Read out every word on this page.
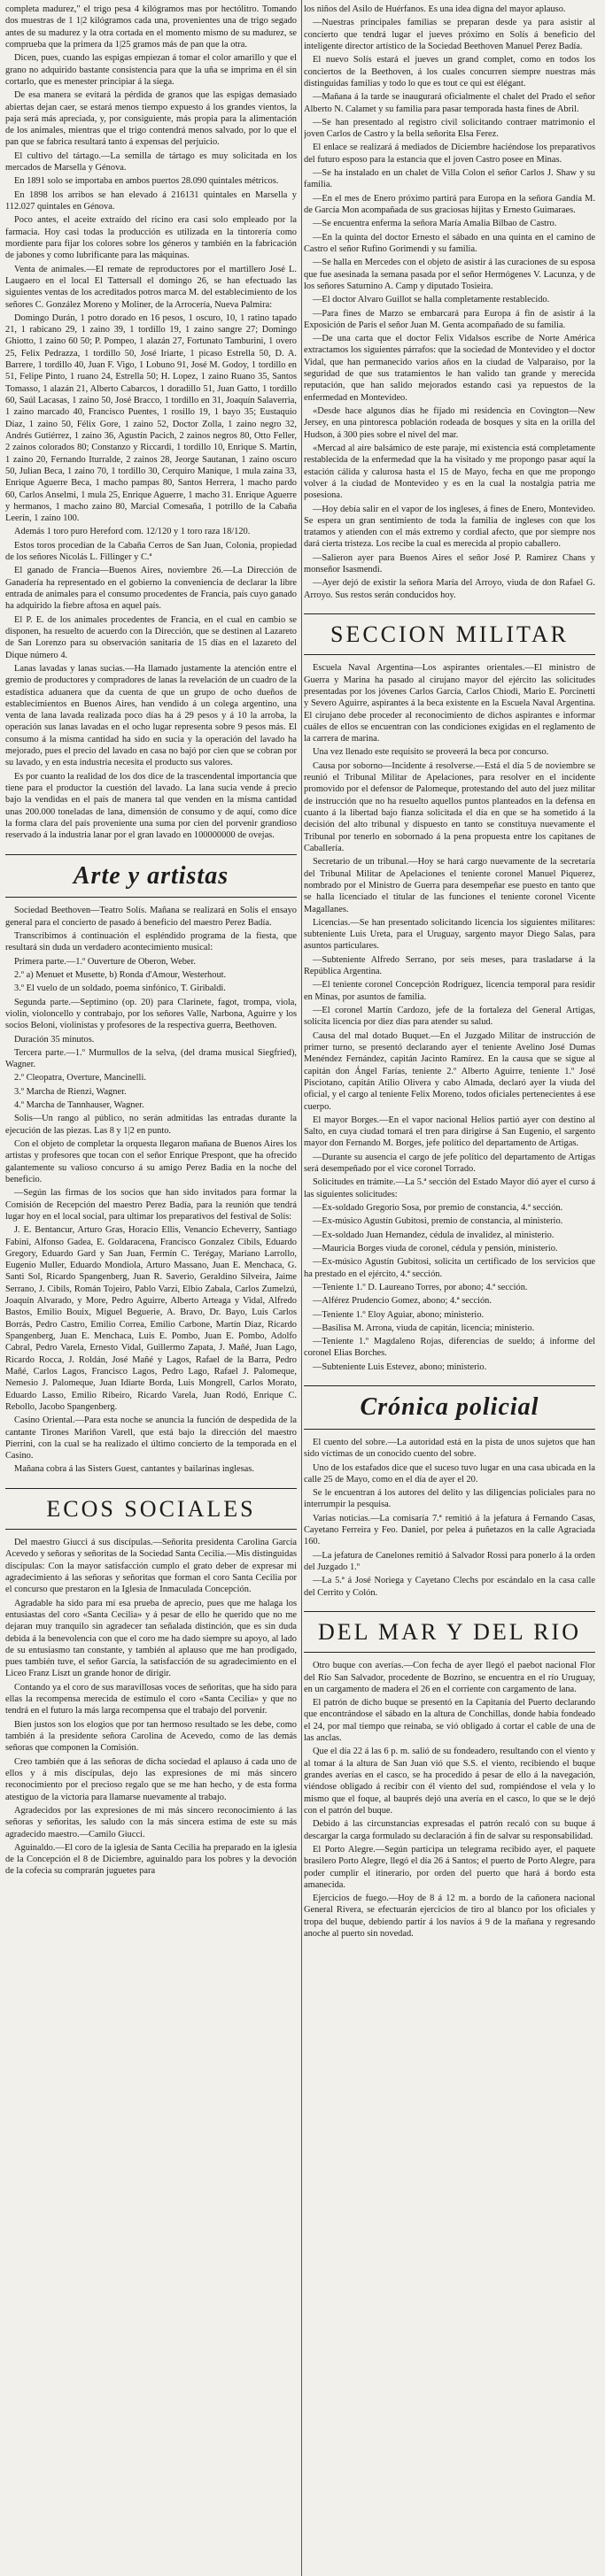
completa madurez," el trigo pesa 4 kilógramos mas por hectólitro. Tomando dos muestras de 1 1|2 kilógramos cada una, provenientes una de trigo segado antes de su madurez y la otra cortada en el momento mismo de su madurez, se comprueba que la primera da 1|25 gramos más de pan que la otra.

Dicen, pues, cuando las espigas empiezan á tomar el color amarillo y que el grano no adquirido bastante consistencia para que la uña se imprima en él sin cortarlo, que es menester principiar á la siega.

De esa manera se evitará la pérdida de granos que las espigas demasiado abiertas dejan caer, se estará menos tiempo expuesto á los grandes vientos, la paja será más apreciada, y, por consiguiente, más propia para la alimentación de los animales, mientras que el trigo contendrá menos salvado, por lo que el pan que se fabrica resultará tanto á expensas del perjuicio.

El cultivo del tártago.—La semilla de tártago es muy solicitada en los mercados de Marsella y Génova.

En 1891 solo se importaba en ambos puertos 28.090 quintales métricos.

En 1898 los arribos se han elevado á 216131 quintales en Marsella y 112.027 quintales en Génova.

Poco antes, el aceite extraído del ricino era casi solo empleado por la farmacia. Hoy casi todas la producción es utilizada en la tintorería como mordiente para fijar los colores sobre los géneros y también en la fabricación de jabones y como lubrificante para las máquinas.

Venta de animales.—El remate de reproductores por el martillero José L. Laugaero en el local El Tattersall el domingo 26, se han efectuado las siguientes ventas de los acreditados potros marca M. del establecimiento de los señores C. González Moreno y Moliner, de la Arrocería, Nueva Palmira:

Domingo Durán, 1 potro dorado en 16 pesos, 1 oscuro, 10, 1 ratino tapado 21, 1 rabicano 29, 1 zaino 39, 1 tordillo 19, 1 zaino sangre 27; Domingo Ghiotto, 1 zaino 60 50; P. Pompeo, 1 alazán 27, Fortunato Tamburini, 1 overo 25, Felix Pedrazza, 1 tordillo 50, José Iriarte, 1 picaso Estrella 50, D. A. Barrere, 1 tordillo 40, Juan F. Vigo, 1 Lobuno 91, José M. Godoy, 1 tordillo en 51, Felipe Pinto, 1 ruano 24, Estrella 50; H. Lopez, 1 zaino Ruano 35, Santos Tomasso, 1 alazán 21, Alberto Cabarcos, 1 doradillo 51, Juan Gatto, 1 tordillo 60, Saúl Lacasas, 1 zaino 50, José Bracco, 1 tordillo en 31, Joaquín Salaverria, 1 zaino marcado 40, Francisco Puentes, 1 rosillo 19, 1 bayo 35; Eustaquio Díaz, 1 zaino 50, Félix Gore, 1 zaino 52, Doctor Zolla, 1 zaino negro 32, Andrés Gutiérrez, 1 zaino 36, Agustín Pacich, 2 zainos negros 80, Otto Feller, 2 zainos colorados 80; Constanzo y Riccardi, 1 tordillo 10, Enrique S. Martin, 1 zaino 20, Fernando Iturralde, 2 zainos 28, Jeorge Sautanan, 1 zaino oscuro 50, Julian Beca, 1 zaino 70, 1 tordillo 30, Cerquiro Manique, 1 mula zaina 33, Enrique Aguerre Beca, 1 macho pampas 80, Santos Herrera, 1 macho pardo 60, Carlos Anselmi, 1 mula 25, Enrique Aguerre, 1 macho 31. Enrique Aguerre y hermanos, 1 macho zaino 80, Marcial Comesaña, 1 potrillo de la Cabaña Leerín, 1 zaino 100.

Además 1 toro puro Hereford com. 12/120 y 1 toro raza 18/120.

Estos toros procedían de la Cabaña Cerros de San Juan, Colonia, propiedad de los señores Nicolás L. Fillinger y C.ª

El ganado de Francia—Buenos Aires, noviembre 26.—La Dirección de Ganadería ha representado en el gobierno la conveniencia de declarar la libre entrada de animales para el consumo procedentes de Francia, país cuyo ganado ha adquirido la fiebre aftosa en aquel país.

El P. E. de los animales procedentes de Francia, en el cual en cambio se disponen, ha resuelto de acuerdo con la Dirección, que se destinen al Lazareto de San Lorenzo para su observación sanitaria de 15 días en el lazareto del Dique número 4.

Lanas lavadas y lanas sucias.—Ha llamado justamente la atención entre el gremio de productores y compradores de lanas la revelación de un cuadro de la estadística aduanera que da cuenta de que un grupo de ocho dueños de establecimientos en Buenos Aires, han vendido á un colega argentino, una venta de lana lavada realizada poco días ha á 29 pesos y á 10 la arroba, la operación sus lanas lavadas en el ocho lugar representa sobre 9 pesos más. El consumo á la misma cantidad ha sido en sucia y la operación del lavado ha mejorado, pues el precio del lavado en casa no bajó por cien que se cobran por su lavado, y en esta industria necesita el producto sus valores.

Es por cuanto la realidad de los dos dice de la trascendental importancia que tiene para el productor la cuestión del lavado. La lana sucia vende á precio bajo la vendidas en el país de manera tal que venden en la misma cantidad unas 200.000 toneladas de lana, dimensión de consumo y de aquí, como dice la forma clara del país proveniente una suma por cien del porvenir grandioso reservado á la industria lanar por el gran lavado en 100000000 de ovejas.

Arte y artistas

Sociedad Beethoven—Teatro Solís. Mañana se realizará en Solís el ensayo general para el concierto de pasado á beneficio del maestro Perez Badía.

Transcribimos á continuación el espléndido programa de la fiesta, que resultará sin duda un verdadero acontecimiento musical:

Primera parte.—1.º Ouverture de Oberon, Weber.

2.º a) Menuet et Musette, b) Ronda d'Amour, Westerhout.

3.º El vuelo de un soldado, poema sinfónico, T. Giribaldi.

Segunda parte.—Septimino (op. 20) para Clarinete, fagot, trompa, viola, violin, violoncello y contrabajo, por los señores Valle, Narbona, Aguirre y los socios Beloni, violinistas y profesores de la respectiva guerra, Beethoven.

Duración 35 minutos.

Tercera parte.—1.º Murmullos de la selva, (del drama musical Siegfried), Wagner.

2.º Cleopatra, Overture, Mancinelli.

3.º Marcha de Rienzi, Wagner.

4.º Marcha de Tannhauser, Wagner.

Solis—Un rango al público, no serán admitidas las entradas durante la ejecución de las piezas. Las 8 y 1|2 en punto.

Con el objeto de completar la orquesta llegaron mañana de Buenos Aires los artistas y profesores que tocan con el señor Enrique Prespont, que ha ofrecido galantemente su valioso concurso á su amigo Perez Badia en la noche del beneficio.

—Según las firmas de los socios que han sido invitados para formar la Comisión de Recepción del maestro Perez Badía, para la reunión que tendrá lugar hoy en el local social, para ultimar los preparativos del festival de Solís:

J. E. Bentancur, Arturo Gras, Horacio Ellis, Venancio Echeverry, Santiago Fabini, Alfonso Gadea, E. Goldaracena, Francisco Gonzalez Cibils, Eduardo Gregory, Eduardo Gard y San Juan, Fermín C. Terégay, Mariano Larrollo, Eugenio Muller, Eduardo Mondiola, Arturo Massano, Juan E. Menchaca, G. Santi Sol, Ricardo Spangenberg, Juan R. Saverio, Geraldino Silveira, Jaime Serrano, J. Cibils, Román Tojeiro, Pablo Varzi, Elbio Zabala, Carlos Zumelzú, Joaquín Alvarado, y More, Pedro Aguirre, Alberto Arteaga y Vidal, Alfredo Bastos, Emilio Bouix, Miguel Beguerie, A. Bravo, Dr. Bayo, Luis Carlos Borrás, Pedro Castro, Emilio Correa, Emilio Carbone, Martín Diaz, Ricardo Spangenberg, Juan E. Menchaca, Luis E. Pombo, Juan E. Pombo, Adolfo Cabral, Pedro Varela, Ernesto Vidal, Guillermo Zapata, J. Mañé, Juan Lago, Ricardo Rocca, J. Roldán, José Mañé y Lagos, Rafael de la Barra, Pedro Mañé, Carlos Lagos, Francisco Lagos, Pedro Lago, Rafael J. Palomeque, Nemesio J. Palomeque, Juan Idiarte Borda, Luis Mongrell, Carlos Morato, Eduardo Lasso, Emilio Ribeiro, Ricardo Varela, Juan Rodó, Enrique C. Rebollo, Jacobo Spangenberg.

Casino Oriental.—Para esta noche se anuncia la función de despedida de la cantante Tirones Mariñon Varell, que está bajo la dirección del maestro Pierrini, con la cual se ha realizado el último concierto de la temporada en el Casino.

Mañana cobra á las Sisters Guest, cantantes y bailarinas inglesas.

ECOS SOCIALES

Del maestro Giucci á sus discípulas.—Señorita presidenta Carolina García Acevedo y señoras y señoritas de la Sociedad Santa Cecilia.—Mis distinguidas discípulas: Con la mayor satisfacción cumplo el grato deber de expresar mi agradecimiento á las señoras y señoritas que forman el coro Santa Cecilia por el concurso que prestaron en la Iglesia de Inmaculada Concepción.

Agradable ha sido para mí esa prueba de aprecio, pues que me halaga los entusiastas del coro «Santa Cecilia» y á pesar de ello he querido que no me dejaran muy tranquilo sin agradecer tan señalada distinción, que es sin duda debida á la benevolencia con que el coro me ha dado siempre su apoyo, al lado de su entusiasmo tan constante, y también al aplauso que me han prodigado, pues también tuve, el señor García, la satisfacción de su agradecimiento en el Liceo Franz Liszt un grande honor de dirigir.

Contando ya el coro de sus maravillosas voces de señoritas, que ha sido para ellas la recompensa merecida de estímulo el coro «Santa Cecilia» y que no tendrá en el futuro la más larga recompensa que el trabajo del porvenir.

Bien justos son los elogios que por tan hermoso resultado se les debe, como también á la presidente señora Carolina de Acevedo, como de las demás señoras que componen la Comisión.

Creo también que á las señoras de dicha sociedad el aplauso á cada uno de ellos y á mis discípulas, dejo las expresiones de mi más sincero reconocimiento por el precioso regalo que se me han hecho, y de esta forma atestiguo de la victoria para llamarse nuevamente al trabajo.

Agradecidos por las expresiones de mi más sincero reconocimiento á las señoras y señoritas, les saludo con la más sincera estima de este su más agradecido maestro.—Camilo Giucci.

Aguinaldo.—El coro de la iglesia de Santa Cecilia ha preparado en la iglesia de la Concepción el 8 de Diciembre, aguinaldo para los pobres y la devoción de la cofecia su comprarán juguetes para

los niños del Asilo de Huérfanos. Es una idea digna del mayor aplauso.

—Nuestras principales familias se preparan desde ya para asistir al concierto que tendrá lugar el jueves próximo en Solís á beneficio del inteligente director artístico de la Sociedad Beethoven Manuel Perez Badía.

El nuevo Solís estará el jueves un grand complet, como en todos los conciertos de la Beethoven, á los cuales concurren siempre nuestras más distinguidas familias y todo lo que es tout ce qui est élégant.

—Mañana á la tarde se inaugurará oficialmente el chalet del Prado el señor Alberto N. Calamet y su familia para pasar temporada hasta fines de Abril.

—Se han presentado al registro civil solicitando contraer matrimonio el joven Carlos de Castro y la bella señorita Elsa Ferez.

El enlace se realizará á mediados de Diciembre haciéndose los preparativos del futuro esposo para la estancia que el joven Castro posee en Minas.

—Se ha instalado en un chalet de Villa Colon el señor Carlos J. Shaw y su familia.

—En el mes de Enero próximo partirá para Europa en la señora Gandía M. de García Mon acompañada de sus graciosas hijitas y Ernesto Guimaraes.

—Se encuentra enferma la señora María Amalia Bilbao de Castro.

—En la quinta del doctor Ernesto el sábado en una quinta en el camino de Castro el señor Rufino Gorimendi y su familia.

—Se halla en Mercedes con el objeto de asistir á las curaciones de su esposa que fue asesinada la semana pasada por el señor Hermógenes V. Lacunza, y de los señores Saturnino A. Camp y diputado Tosieira.

—El doctor Alvaro Guillot se halla completamente restablecido.

—Para fines de Marzo se embarcará para Europa á fin de asistir á la Exposición de París el señor Juan M. Genta acompañado de su familia.

—De una carta que el doctor Felix Vidalsos escribe de Norte América extractamos los siguientes párrafos: que la sociedad de Montevideo y el doctor Vidal, que han permanecido varios años en la ciudad de Valparaíso, por la seguridad de que sus tratamientos le han valido tan grande y merecida reputación, que han salido mejorados estando casi ya repuestos de la enfermedad en Montevideo.

«Desde hace algunos días he fijado mi residencia en Covington—New Jersey, en una pintoresca población rodeada de bosques y sita en la orilla del Hudson, á 300 pies sobre el nivel del mar.

«Mercad al aire balsámico de este paraje, mi existencia está completamente restablecida de la enfermedad que la ha visitado y me propongo pasar aquí la estación cálida y calurosa hasta el 15 de Mayo, fecha en que me propongo volver á la ciudad de Montevideo y es en la cual la nostalgia patria me posesiona.

—Hoy debía salir en el vapor de los ingleses, á fines de Enero, Montevideo. Se espera un gran sentimiento de toda la familia de ingleses con que los tratamos y atienden con el más extremo y cordial afecto, que por siempre nos dará cierta tristeza. Los recibe la cual es merecida al propio caballero.

—Salieron ayer para Buenos Aires el señor José P. Ramirez Chans y monseñor Isasmendi.

—Ayer dejó de existir la señora María del Arroyo, viuda de don Rafael G. Arroyo. Sus restos serán conducidos hoy.

SECCION MILITAR

Escuela Naval Argentina—Los aspirantes orientales.—El ministro de Guerra y Marina ha pasado al cirujano mayor del ejército las solicitudes presentadas por los jóvenes Carlos García, Carlos Chiodi, Mario E. Porcinetti y Severo Aguirre, aspirantes á la beca existente en la Escuela Naval Argentina. El cirujano debe proceder al reconocimiento de dichos aspirantes e informar cuáles de ellos se encuentran con las condiciones exigidas en el reglamento de la carrera de marina.

Una vez llenado este requisito se proveerá la beca por concurso.

Causa por soborno—Incidente á resolverse.—Está el día 5 de noviembre se reunió el Tribunal Militar de Apelaciones, para resolver en el incidente promovido por el defensor de Palomeque, protestando del auto del juez militar de instrucción que no ha resuelto aquellos puntos planteados en la defensa en cuanto á la libertad bajo fianza solicitada el día en que se ha sometido á la decisión del alto tribunal y dispuesto en tanto se constituya nuevamente el Tribunal por tenerlo en sobornado á la pena propuesta entre los capitanes de Caballería.

Secretario de un tribunal.—Hoy se hará cargo nuevamente de la secretaría del Tribunal Militar de Apelaciones el teniente coronel Manuel Piquerez, nombrado por el Ministro de Guerra para desempeñar ese puesto en tanto que se halla licenciado el titular de las funciones el teniente coronel Vicente Magallanes.

Licencias.—Se han presentado solicitando licencia los siguientes militares: subteniente Luis Ureta, para el Uruguay, sargento mayor Diego Salas, para asuntos particulares.

—Subteniente Alfredo Serrano, por seis meses, para trasladarse á la República Argentina.

—El teniente coronel Concepción Rodríguez, licencia temporal para residir en Minas, por asuntos de familia.

—El coronel Martín Cardozo, jefe de la fortaleza del General Artigas, solicita licencia por diez días para atender su salud.

Causa del mal dotado Buquet.—En el Juzgado Militar de instrucción de primer turno, se presentó declarando ayer el teniente Avelino José Dumas Menéndez Fernández, capitán Jacinto Ramírez. En la causa que se sigue al capitán don Ángel Farías, teniente 2.º Alberto Aguirre, teniente 1.º José Pisciotano, capitán Atilio Olivera y cabo Almada, declaró ayer la viuda del oficial, y el cargo al teniente Felix Moreno, todos oficiales pertenecientes á ese cuerpo.

El mayor Borges.—En el vapor nacional Helios partió ayer con destino al Salto, en cuya ciudad tomará el tren para dirigirse á San Eugenio, el sargento mayor don Fernando M. Borges, jefe político del departamento de Artigas.

—Durante su ausencia el cargo de jefe político del departamento de Artigas será desempeñado por el vice coronel Torrado.

Solicitudes en trámite.—La 5.ª sección del Estado Mayor dió ayer el curso á las siguientes solicitudes:

—Ex-soldado Gregorio Sosa, por premio de constancia, 4.ª sección.

—Ex-músico Agustín Gubitosi, premio de constancia, al ministerio.

—Ex-soldado Juan Hernandez, cédula de invalidez, al ministerio.

—Mauricia Borges viuda de coronel, cédula y pensión, ministerio.

—Ex-músico Agustín Gubitosi, solicita un certificado de los servicios que ha prestado en el ejército, 4.ª sección.

—Teniente 1.º D. Laureano Torres, por abono; 4.ª sección.

—Alférez Prudencio Gomez, abono; 4.ª sección.

—Teniente 1.º Eloy Aguiar, abono; ministerio.

—Basilisa M. Arrona, viuda de capitán, licencia; ministerio.

—Teniente 1.º Magdaleno Rojas, diferencias de sueldo; á informe del coronel Elias Borches.

—Subteniente Luis Estevez, abono; ministerio.

Crónica policial

El cuento del sobre.—La autoridad está en la pista de unos sujetos que han sido víctimas de un conocido cuento del sobre.

Uno de los estafados dice que el suceso tuvo lugar en una casa ubicada en la calle 25 de Mayo, como en el día de ayer el 20.

Se le encuentran á los autores del delito y las diligencias policiales para no interrumpir la pesquisa.

Varias noticias.—La comisaría 7.ª remitió á la jefatura á Fernando Casas, Cayetano Ferreira y Feo. Daniel, por pelea á puñetazos en la calle Agraciada 160.

—La jefatura de Canelones remitió á Salvador Rossi para ponerlo á la orden del Juzgado 1.º

—La 5.ª á José Noriega y Cayetano Clechs por escándalo en la casa calle del Cerrito y Colón.

DEL MAR Y DEL RIO

Otro buque con averías.—Con fecha de ayer llegó el paebot nacional Flor del Río San Salvador, procedente de Bozrino, se encuentra en el río Uruguay, en un cargamento de madera el 26 en el corriente con cargamento de lana.

El patrón de dicho buque se presentó en la Capitanía del Puerto declarando que encontrándose el sábado en la altura de Conchillas, donde había fondeado el 24, por mal tiempo que reinaba, se vió obligado á cortar el cable de una de las anclas.

Que el día 22 á las 6 p. m. salió de su fondeadero, resultando con el viento y al tomar á la altura de San Juan vió que S.S. el viento, recibiendo el buque grandes averías en el casco, se ha procedido á pesar de ello á la navegación, viéndose obligado á recibir con él viento del sud, rompiéndose el vela y lo mismo que el foque, al bauprés dejó una avería en el casco, lo que se le dejó con el patrón del buque.

Debido á las circunstancias expresadas el patrón recaló con su buque á descargar la carga formulado su declaración á fin de salvar su responsabilidad.

El Porto Alegre.—Según participa un telegrama recibido ayer, el paquete brasilero Porto Alegre, llegó el día 26 á Santos; el puerto de Porto Alegre, para poder cumplir el itinerario, por orden del puerto que hará á bordo esta amanecida.

Ejercicios de fuego.—Hoy de 8 á 12 m. a bordo de la cañonera nacional General Rivera, se efectuarán ejercicios de tiro al blanco por los oficiales y tropa del buque, debiendo partir á los navíos á 9 de la mañana y regresando anoche al puerto sin novedad.
